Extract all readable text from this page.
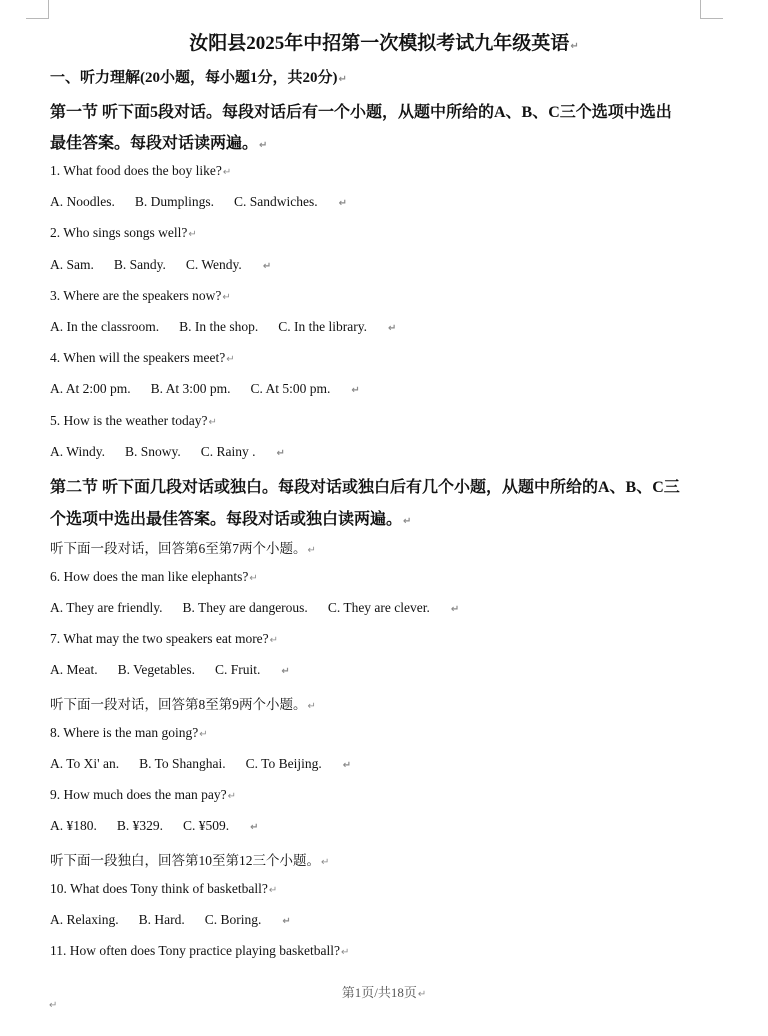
汝阳县2025年中招第一次模拟考试九年级英语↵
一、听力理解(20小题，每小题1分，共20分)↵
第一节 听下面5段对话。每段对话后有一个小题，从题中所给的A、B、C三个选项中选出
最佳答案。每段对话读两遍。↵
1. What food does the boy like?↵
A. Noodles. B. Dumplings. C. Sandwiches. ↵
2. Who sings songs well?↵
A. Sam. B. Sandy. C. Wendy. ↵
3. Where are the speakers now?↵
A. In the classroom. B. In the shop. C. In the library. ↵
4. When will the speakers meet?↵
A. At 2:00 pm. B. At 3:00 pm. C. At 5:00 pm. ↵
5. How is the weather today?↵
A. Windy. B. Snowy. C. Rainy . ↵
第二节 听下面几段对话或独白。每段对话或独白后有几个小题，从题中所给的A、B、C三
个选项中选出最佳答案。每段对话或独白读两遍。↵
听下面一段对话，回答第6至第7两个小题。↵
6. How does the man like elephants?↵
A. They are friendly. B. They are dangerous. C. They are clever. ↵
7. What may the two speakers eat more?↵
A. Meat. B. Vegetables. C. Fruit. ↵
听下面一段对话，回答第8至第9两个小题。↵
8. Where is the man going?↵
A. To Xi' an. B. To Shanghai. C. To Beijing. ↵
9. How much does the man pay?↵
A. ¥180. B. ¥329. C. ¥509. ↵
听下面一段独白，回答第10至第12三个小题。↵
10. What does Tony think of basketball?↵
A. Relaxing. B. Hard. C. Boring. ↵
11. How often does Tony practice playing basketball?↵
第1页/共18页↵
↵
